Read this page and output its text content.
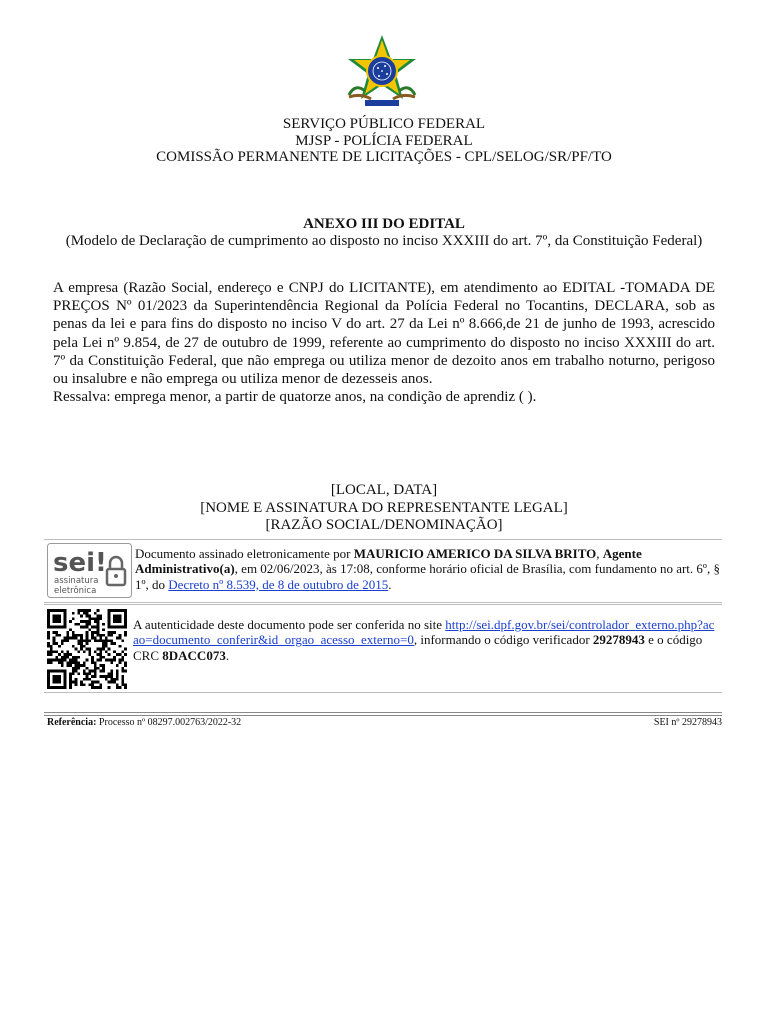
SERVIÇO PÚBLICO FEDERAL
MJSP - POLÍCIA FEDERAL
COMISSÃO PERMANENTE DE LICITAÇÕES - CPL/SELOG/SR/PF/TO
ANEXO III DO EDITAL
(Modelo de Declaração de cumprimento ao disposto no inciso XXXIII do art. 7º, da Constituição Federal)

A empresa (Razão Social, endereço e CNPJ do LICITANTE), em atendimento ao EDITAL -TOMADA DE PREÇOS Nº 01/2023 da Superintendência Regional da Polícia Federal no Tocantins, DECLARA, sob as penas da lei e para fins do disposto no inciso V do art. 27 da Lei nº 8.666,de 21 de junho de 1993, acrescido pela Lei nº 9.854, de 27 de outubro de 1999, referente ao cumprimento do disposto no inciso XXXIII do art. 7º da Constituição Federal, que não emprega ou utiliza menor de dezoito anos em trabalho noturno, perigoso ou insalubre e não emprega ou utiliza menor de dezesseis anos.

Ressalva: emprega menor, a partir de quatorze anos, na condição de aprendiz ( ).

[LOCAL, DATA]
[NOME E ASSINATURA DO REPRESENTANTE LEGAL]
[RAZÃO SOCIAL/DENOMINAÇÃO]
sei!
assinatura
eletrônica
Documento assinado eletronicamente por MAURICIO AMERICO DA SILVA BRITO, Agente Administrativo(a), em 02/06/2023, às 17:08, conforme horário oficial de Brasília, com fundamento no art. 6º, § 1º, do Decreto nº 8.539, de 8 de outubro de 2015.
A autenticidade deste documento pode ser conferida no site http://sei.dpf.gov.br/sei/controlador_externo.php?acao=documento_conferir&id_orgao_acesso_externo=0, informando o código verificador 29278943 e o código CRC 8DACC073.
Referência: Processo nº 08297.002763/2022-32	SEI nº 29278943
